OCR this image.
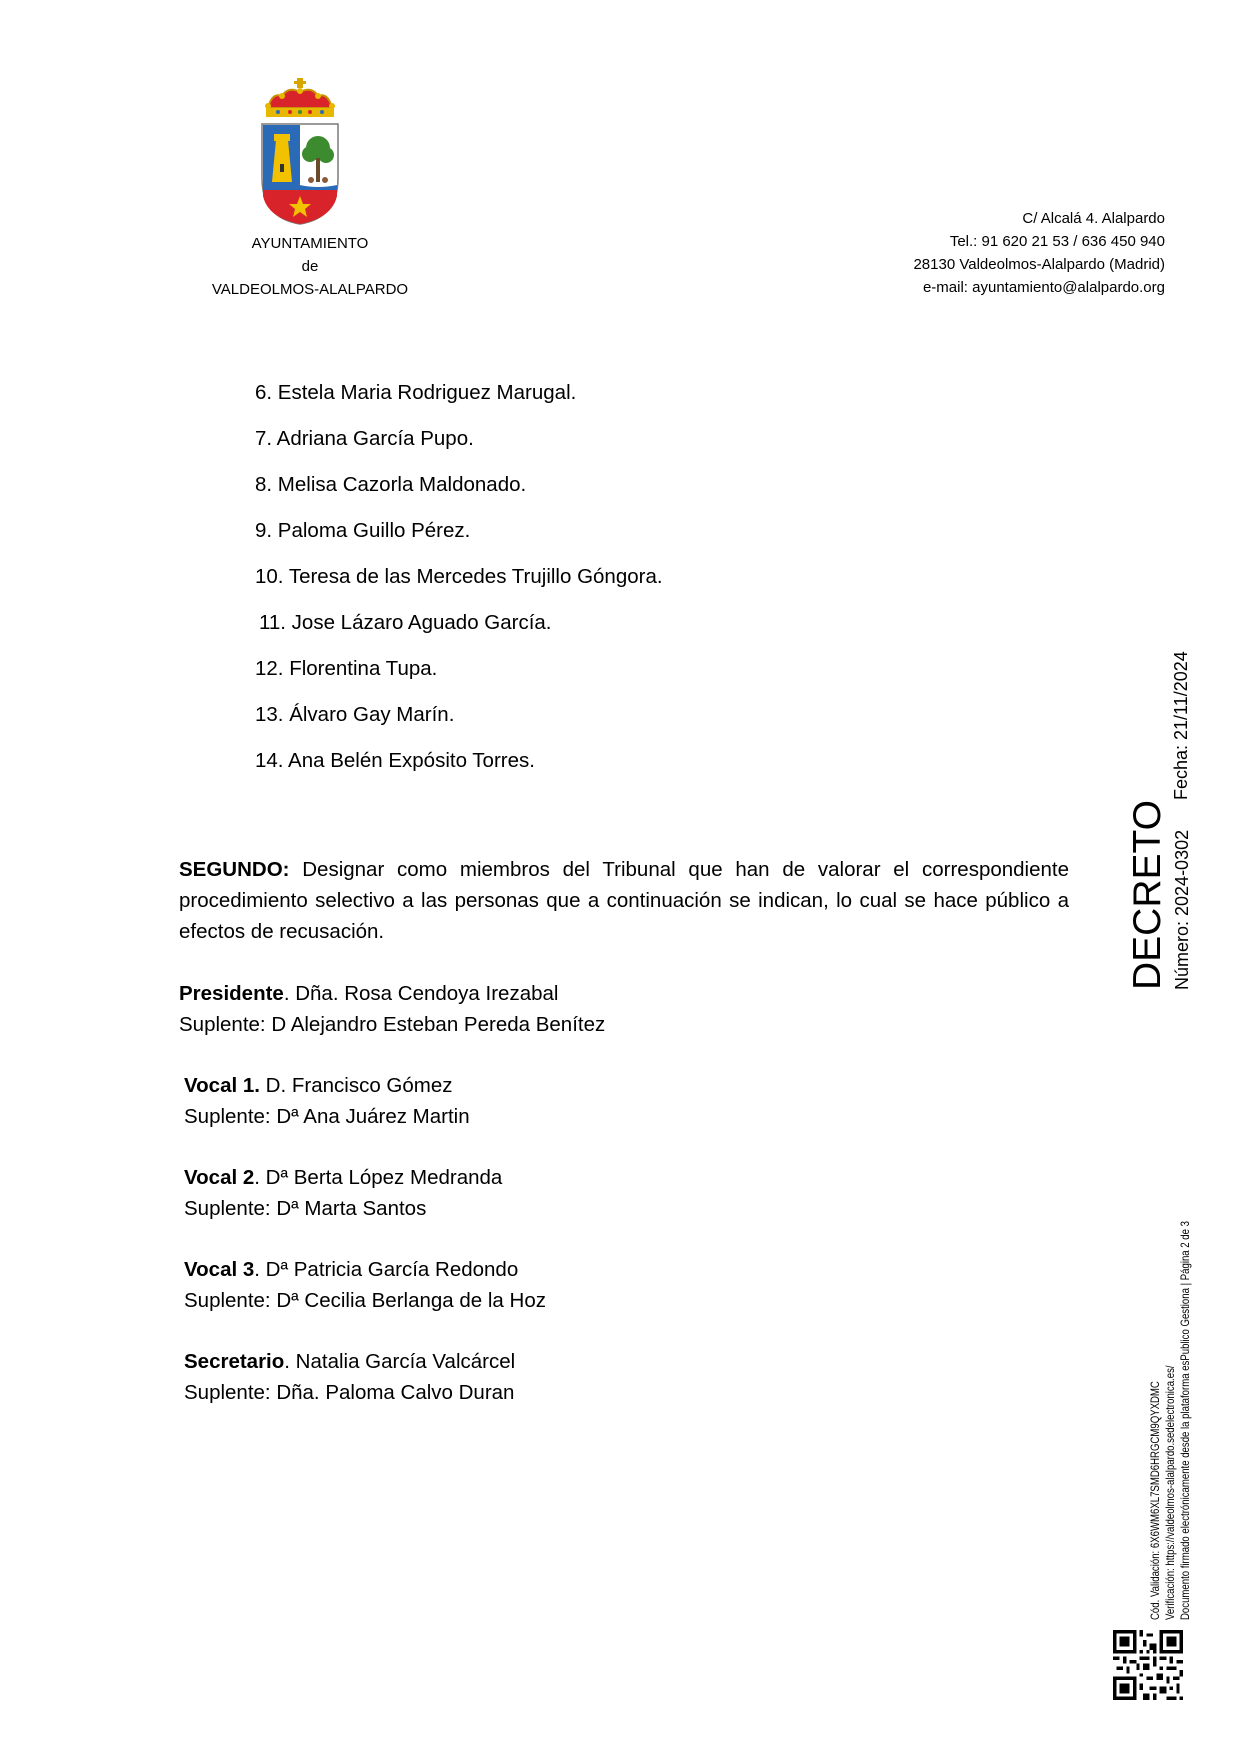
AYUNTAMIENTO
de
VALDEOLMOS-ALALPARDO
C/ Alcalá 4. Alalpardo
Tel.: 91 620 21 53 / 636 450 940
28130 Valdeolmos-Alalpardo (Madrid)
e-mail: ayuntamiento@alalpardo.org
6. Estela Maria Rodriguez Marugal.
7. Adriana García Pupo.
8. Melisa Cazorla Maldonado.
9. Paloma Guillo Pérez.
10. Teresa de las Mercedes Trujillo Góngora.
11. Jose Lázaro Aguado García.
12. Florentina Tupa.
13. Álvaro Gay Marín.
14. Ana Belén Expósito Torres.

SEGUNDO: Designar como miembros del Tribunal que han de valorar el correspondiente procedimiento selectivo a las personas que a continuación se indican, lo cual se hace público a efectos de recusación.

Presidente. Dña. Rosa Cendoya Irezabal
Suplente: D Alejandro Esteban Pereda Benítez
Vocal 1. D. Francisco Gómez
Suplente: Dª Ana Juárez Martin
Vocal 2. Dª Berta López Medranda
Suplente: Dª Marta Santos
Vocal 3. Dª Patricia García Redondo
Suplente: Dª Cecilia Berlanga de la Hoz
Secretario. Natalia García Valcárcel
Suplente: Dña. Paloma Calvo Duran
DECRETO Número: 2024-0302
Fecha: 21/11/2024
Cód. Validación: 6X6WM6XL7SMD6HRGCM9QYXDMC Verificación: https://valdeolmos-alalpardo.sedelectronica.es/ Documento firmado electrónicamente desde la plataforma esPublico Gestiona | Página 2 de 3
